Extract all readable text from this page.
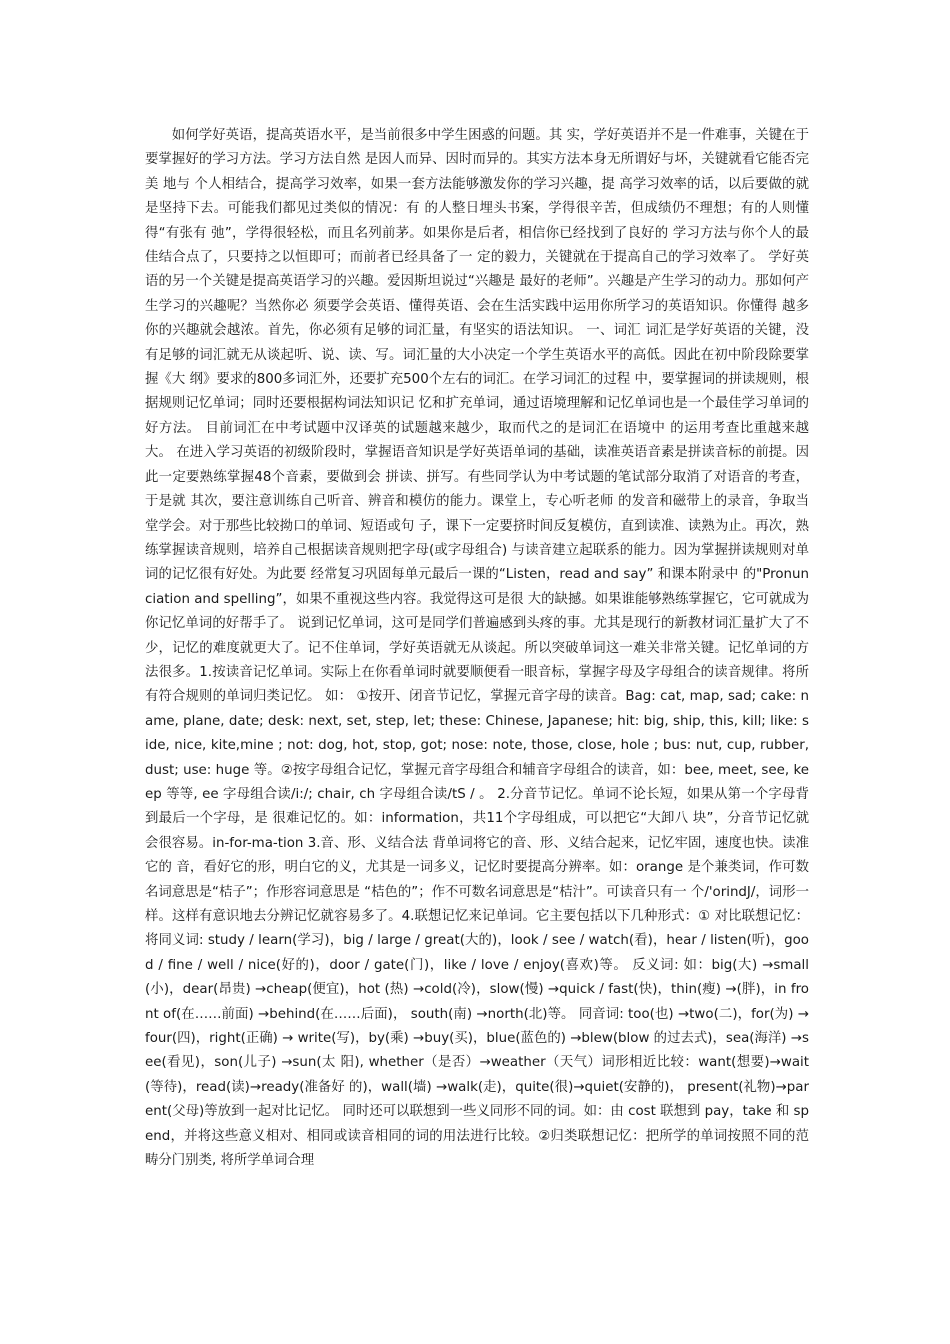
如何学好英语，提高英语水平，是当前很多中学生困惑的问题。其 实，学好英语并不是一件难事，关键在于要掌握好的学习方法。学习方法自然 是因人而异、因时而异的。其实方法本身无所谓好与坏，关键就看它能否完美 地与 个人相结合，提高学习效率，如果一套方法能够激发你的学习兴趣，提 高学习效率的话，以后要做的就是坚持下去。可能我们都见过类似的情况：有 的人整日埋头书案，学得很辛苦，但成绩仍不理想；有的人则懂得“有张有 弛”，学得很轻松，而且名列前茅。如果你是后者，相信你已经找到了良好的 学习方法与你个人的最佳结合点了，只要持之以恒即可；而前者已经具备了一 定的毅力，关键就在于提高自己的学习效率了。 学好英语的另一个关键是提高英语学习的兴趣。爱因斯坦说过“兴趣是 最好的老师”。兴趣是产生学习的动力。那如何产生学习的兴趣呢？当然你必 须要学会英语、懂得英语、会在生活实践中运用你所学习的英语知识。你懂得 越多你的兴趣就会越浓。首先，你必须有足够的词汇量，有坚实的语法知识。 一、词汇 词汇是学好英语的关键，没有足够的词汇就无从谈起听、说、读、写。词汇量的大小决定一个学生英语水平的高低。因此在初中阶段除要掌握《大 纲》要求的800多词汇外，还要扩充500个左右的词汇。在学习词汇的过程 中，要掌握词的拼读规则，根据规则记忆单词；同时还要根据构词法知识记 忆和扩充单词，通过语境理解和记忆单词也是一个最佳学习单词的好方法。 目前词汇在中考试题中汉译英的试题越来越少，取而代之的是词汇在语境中 的运用考查比重越来越大。 在进入学习英语的初级阶段时，掌握语音知识是学好英语单词的基础，读准英语音素是拼读音标的前提。因此一定要熟练掌握48个音素，要做到会 拼读、拼写。有些同学认为中考试题的笔试部分取消了对语音的考查，于是就 其次，要注意训练自己听音、辨音和模仿的能力。课堂上，专心听老师 的发音和磁带上的录音，争取当堂学会。对于那些比较拗口的单词、短语或句 子，课下一定要挤时间反复模仿，直到读准、读熟为止。再次，熟练掌握读音规则，培养自己根据读音规则把字母(或字母组合) 与读音建立起联系的能力。因为掌握拼读规则对单词的记忆很有好处。为此要 经常复习巩固每单元最后一课的“Listen，read and say” 和课本附录中 的"Pronunciation and spelling”，如果不重视这些内容。我觉得这可是很 大的缺撼。如果谁能够熟练掌握它，它可就成为你记忆单词的好帮手了。 说到记忆单词，这可是同学们普遍感到头疼的事。尤其是现行的新教材词汇量扩大了不少，记忆的难度就更大了。记不住单词，学好英语就无从谈起。所以突破单词这一难关非常关键。记忆单词的方法很多。1.按读音记忆单词。实际上在你看单词时就要顺便看一眼音标，掌握字母及字母组合的读音规律。将所有符合规则的单词归类记忆。 如： ①按开、闭音节记忆，掌握元音字母的读音。Bag: cat, map, sad; cake: name, plane, date; desk: next, set, step, let; these: Chinese, Japanese; hit: big, ship, this, kill; like: side, nice, kite,mine ; not: dog, hot, stop, got; nose: note, those, close, hole ; bus: nut, cup, rubber, dust; use: huge 等。②按字母组合记忆，掌握元音字母组合和辅音字母组合的读音，如：bee, meet, see, keep 等等, ee 字母组合读/i:/; chair, ch 字母组合读/tS / 。 2.分音节记忆。单词不论长短，如果从第一个字母背到最后一个字母，是 很难记忆的。如：information，共11个字母组成，可以把它“大卸八 块”，分音节记忆就会很容易。in-for-ma-tion 3.音、形、义结合法 背单词将它的音、形、义结合起来，记忆牢固，速度也快。读准它的 音，看好它的形，明白它的义，尤其是一词多义，记忆时要提高分辨率。如：orange 是个兼类词，作可数名词意思是“桔子”；作形容词意思是 “桔色的”；作不可数名词意思是“桔汁”。可读音只有一 个/'orindJ/，词形一样。这样有意识地去分辨记忆就容易多了。4.联想记忆来记单词。它主要包括以下几种形式：① 对比联想记忆：将同义词: study / learn(学习)，big / large / great(大的)，look / see / watch(看)，hear / listen(听)，good / fine / well / nice(好的)，door / gate(门)，like / love / enjoy(喜欢)等。 反义词: 如：big(大) →small(小)，dear(昂贵) →cheap(便宜)，hot (热) →cold(冷)，slow(慢) →quick / fast(快)，thin(瘦) →(胖)，in front of(在……前面) →behind(在……后面)， south(南) →north(北)等。 同音词: too(也) →two(二)，for(为) →four(四)，right(正确) → write(写)，by(乘) →buy(买)，blue(蓝色的) →blew(blow 的过去式)，sea(海洋) →see(看见)，son(儿子) →sun(太 阳), whether（是否）→weather（天气）词形相近比较：want(想要)→wait(等待)，read(读)→ready(准备好 的)，wall(墙) →walk(走)，quite(很)→quiet(安静的)， present(礼物)→parent(父母)等放到一起对比记忆。 同时还可以联想到一些义同形不同的词。如：由 cost 联想到 pay，take 和 spend，并将这些意义相对、相同或读音相同的词的用法进行比较。②归类联想记忆：把所学的单词按照不同的范畴分门别类, 将所学单词合理
